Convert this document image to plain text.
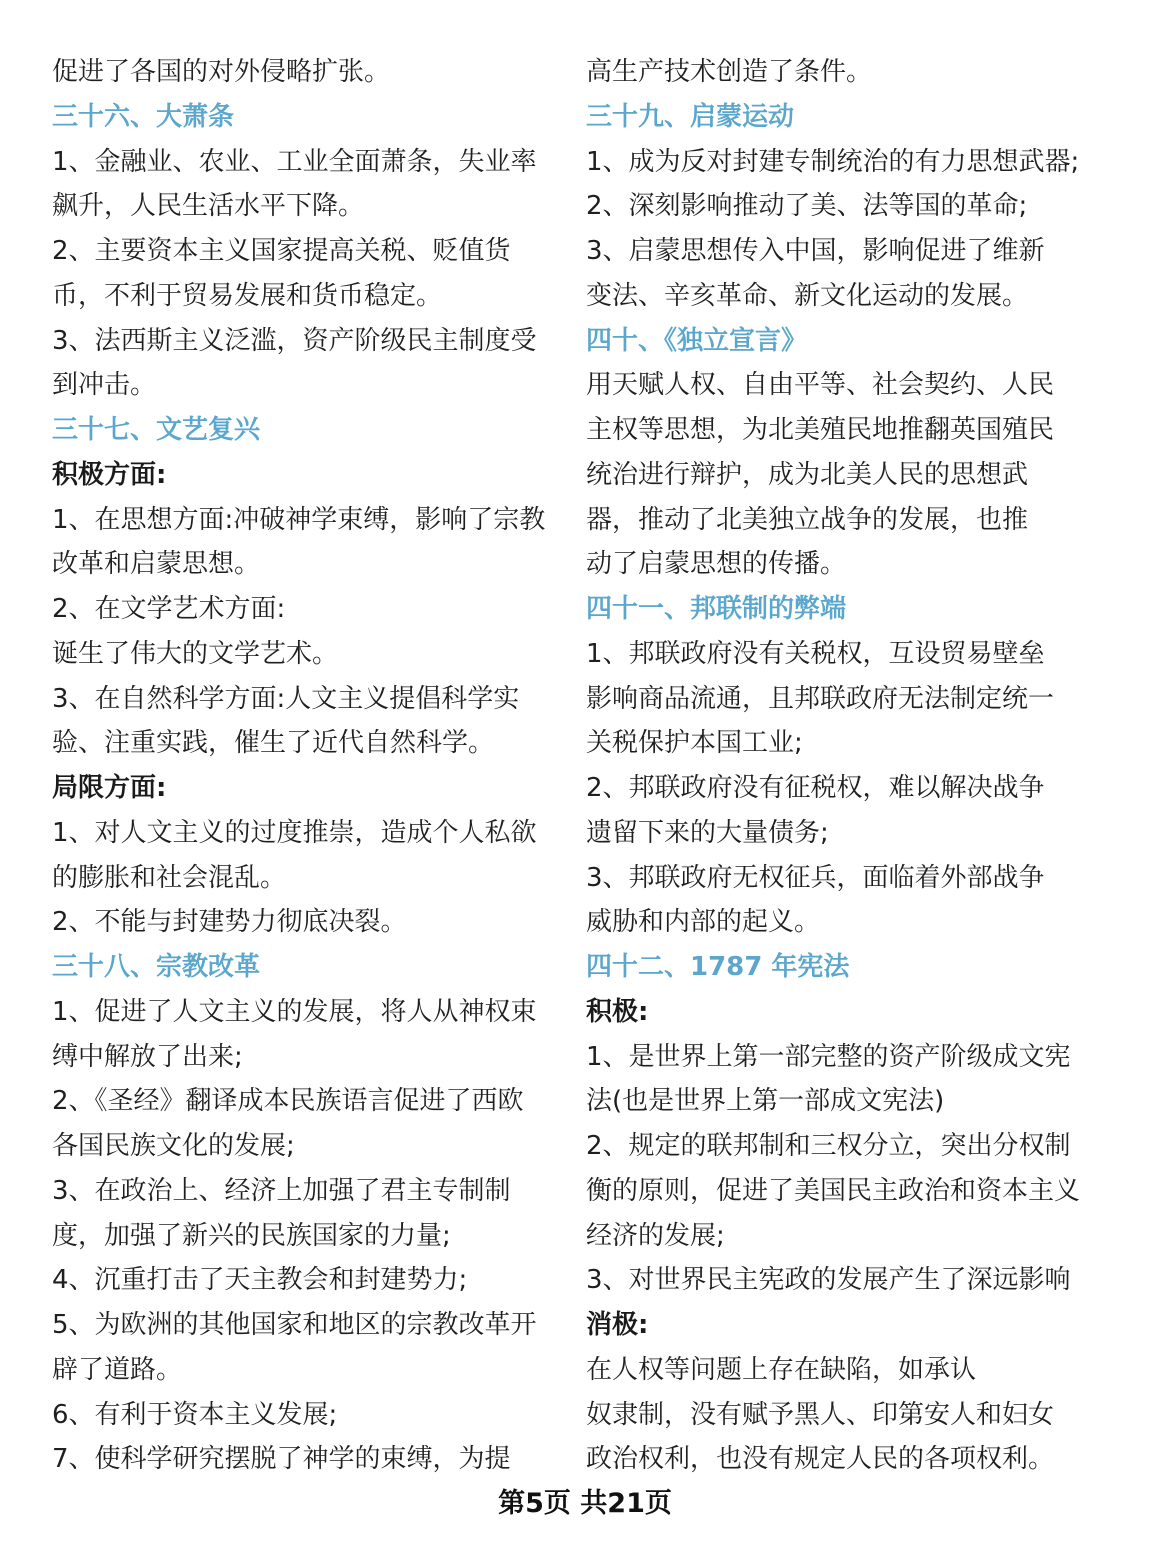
促进了各国的对外侵略扩张。
三十六、大萧条
1、金融业、农业、工业全面萧条，失业率
飙升，人民生活水平下降。
2、主要资本主义国家提高关税、贬值货
币，不利于贸易发展和货币稳定。
3、法西斯主义泛滥，资产阶级民主制度受
到冲击。
三十七、文艺复兴
积极方面:
1、在思想方面:冲破神学束缚，影响了宗教
改革和启蒙思想。
2、在文学艺术方面:
诞生了伟大的文学艺术。
3、在自然科学方面:人文主义提倡科学实
验、注重实践，催生了近代自然科学。
局限方面:
1、对人文主义的过度推崇，造成个人私欲
的膨胀和社会混乱。
2、不能与封建势力彻底决裂。
三十八、宗教改革
1、促进了人文主义的发展，将人从神权束
缚中解放了出来;
2、《圣经》翻译成本民族语言促进了西欧
各国民族文化的发展;
3、在政治上、经济上加强了君主专制制
度，加强了新兴的民族国家的力量;
4、沉重打击了天主教会和封建势力;
5、为欧洲的其他国家和地区的宗教改革开
辟了道路。
6、有利于资本主义发展;
7、使科学研究摆脱了神学的束缚，为提
高生产技术创造了条件。
三十九、启蒙运动
1、成为反对封建专制统治的有力思想武器;
2、深刻影响推动了美、法等国的革命;
3、启蒙思想传入中国，影响促进了维新
变法、辛亥革命、新文化运动的发展。
四十、《独立宣言》
用天赋人权、自由平等、社会契约、人民
主权等思想，为北美殖民地推翻英国殖民
统治进行辩护，成为北美人民的思想武
器，推动了北美独立战争的发展，也推
动了启蒙思想的传播。
四十一、邦联制的弊端
1、邦联政府没有关税权，互设贸易壁垒
影响商品流通，且邦联政府无法制定统一
关税保护本国工业;
2、邦联政府没有征税权，难以解决战争
遗留下来的大量债务;
3、邦联政府无权征兵，面临着外部战争
威胁和内部的起义。
四十二、1787 年宪法
积极:
1、是世界上第一部完整的资产阶级成文宪
法(也是世界上第一部成文宪法)
2、规定的联邦制和三权分立，突出分权制
衡的原则，促进了美国民主政治和资本主义
经济的发展;
3、对世界民主宪政的发展产生了深远影响
消极:
在人权等问题上存在缺陷，如承认
奴隶制，没有赋予黑人、印第安人和妇女
政治权利，也没有规定人民的各项权利。
第5页 共21页
